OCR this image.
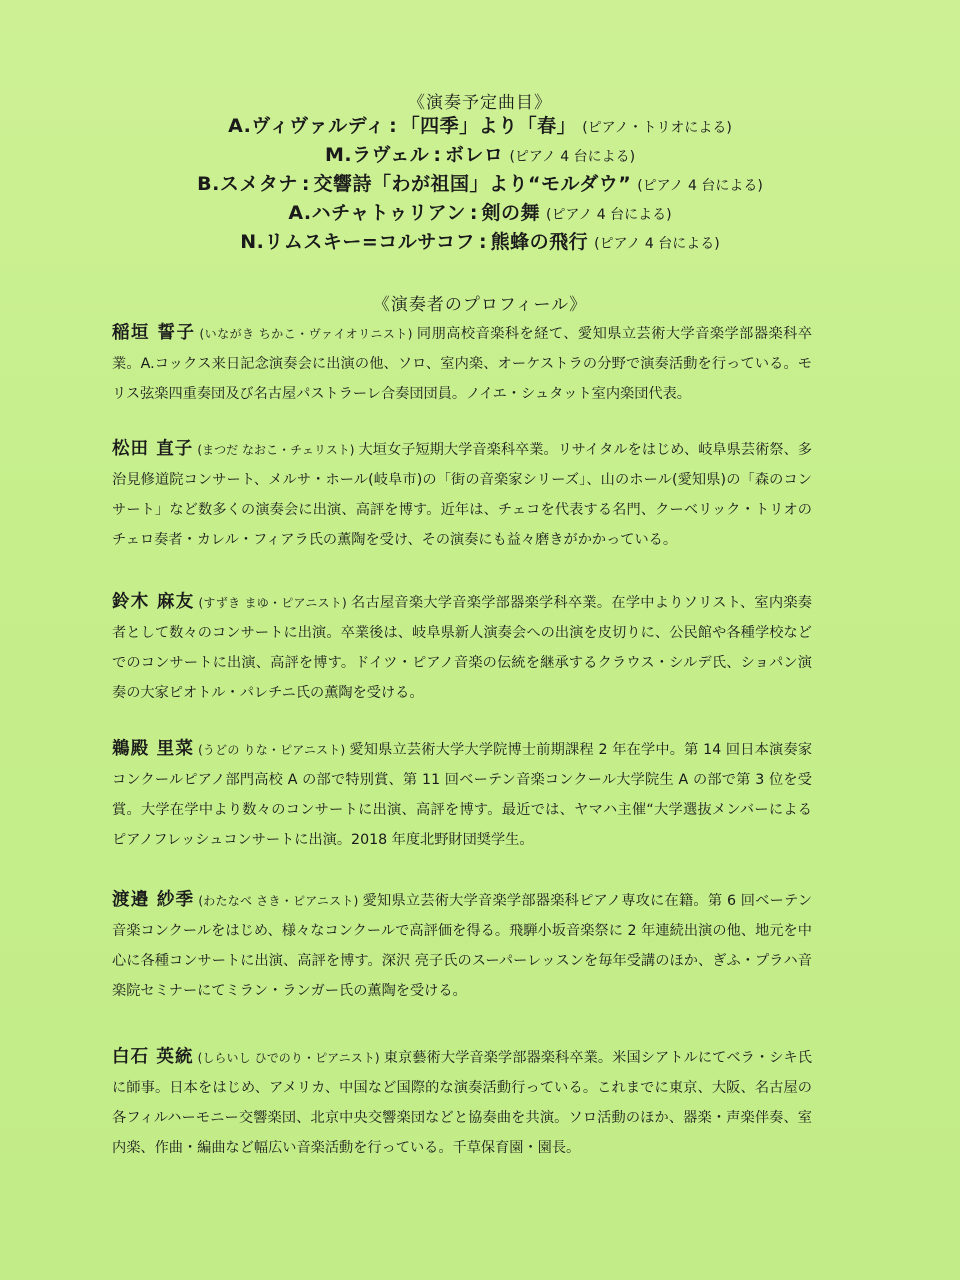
《演奏予定曲目》
A.ヴィヴァルディ : 「四季」より「春」 (ピアノ・トリオによる)
M.ラヴェル : ボレロ (ピアノ 4 台による)
B.スメタナ : 交響詩「わが祖国」より“モルダウ” (ピアノ 4 台による)
A.ハチャトゥリアン : 剣の舞 (ピアノ 4 台による)
N.リムスキー=コルサコフ : 熊蜂の飛行 (ピアノ 4 台による)
《演奏者のプロフィール》
稲垣 誓子 (いながき ちかこ・ヴァイオリニスト) 同朋高校音楽科を経て、愛知県立芸術大学音楽学部器楽科卒業。A.コックス来日記念演奏会に出演の他、ソロ、室内楽、オーケストラの分野で演奏活動を行っている。モリス弦楽四重奏団及び名古屋パストラーレ合奏団団員。ノイエ・シュタット室内楽団代表。
松田 直子 (まつだ なおこ・チェリスト) 大垣女子短期大学音楽科卒業。リサイタルをはじめ、岐阜県芸術祭、多治見修道院コンサート、メルサ・ホール(岐阜市)の「街の音楽家シリーズ」、山のホール(愛知県)の「森のコンサート」など数多くの演奏会に出演、高評を博す。近年は、チェコを代表する名門、クーベリック・トリオのチェロ奏者・カレル・フィアラ氏の薫陶を受け、その演奏にも益々磨きがかかっている。
鈴木 麻友 (すずき まゆ・ピアニスト) 名古屋音楽大学音楽学部器楽学科卒業。在学中よりソリスト、室内楽奏者として数々のコンサートに出演。卒業後は、岐阜県新人演奏会への出演を皮切りに、公民館や各種学校などでのコンサートに出演、高評を博す。ドイツ・ピアノ音楽の伝統を継承するクラウス・シルデ氏、ショパン演奏の大家ピオトル・パレチニ氏の薫陶を受ける。
鵜殿 里菜 (うどの りな・ピアニスト) 愛知県立芸術大学大学院博士前期課程 2 年在学中。第 14 回日本演奏家コンクールピアノ部門高校 A の部で特別賞、第 11 回ベーテン音楽コンクール大学院生 A の部で第 3 位を受賞。大学在学中より数々のコンサートに出演、高評を博す。最近では、ヤマハ主催“大学選抜メンバーによるピアノフレッシュコンサートに出演。2018 年度北野財団奨学生。
渡邉 紗季 (わたなべ さき・ピアニスト) 愛知県立芸術大学音楽学部器楽科ピアノ専攻に在籍。第 6 回ベーテン音楽コンクールをはじめ、様々なコンクールで高評価を得る。飛騨小坂音楽祭に 2 年連続出演の他、地元を中心に各種コンサートに出演、高評を博す。深沢 亮子氏のスーパーレッスンを毎年受講のほか、ぎふ・プラハ音楽院セミナーにてミラン・ランガー氏の薫陶を受ける。
白石 英統 (しらいし ひでのり・ピアニスト) 東京藝術大学音楽学部器楽科卒業。米国シアトルにてベラ・シキ氏に師事。日本をはじめ、アメリカ、中国など国際的な演奏活動行っている。これまでに東京、大阪、名古屋の各フィルハーモニー交響楽団、北京中央交響楽団などと協奏曲を共演。ソロ活動のほか、器楽・声楽伴奏、室内楽、作曲・編曲など幅広い音楽活動を行っている。千草保育園・園長。
